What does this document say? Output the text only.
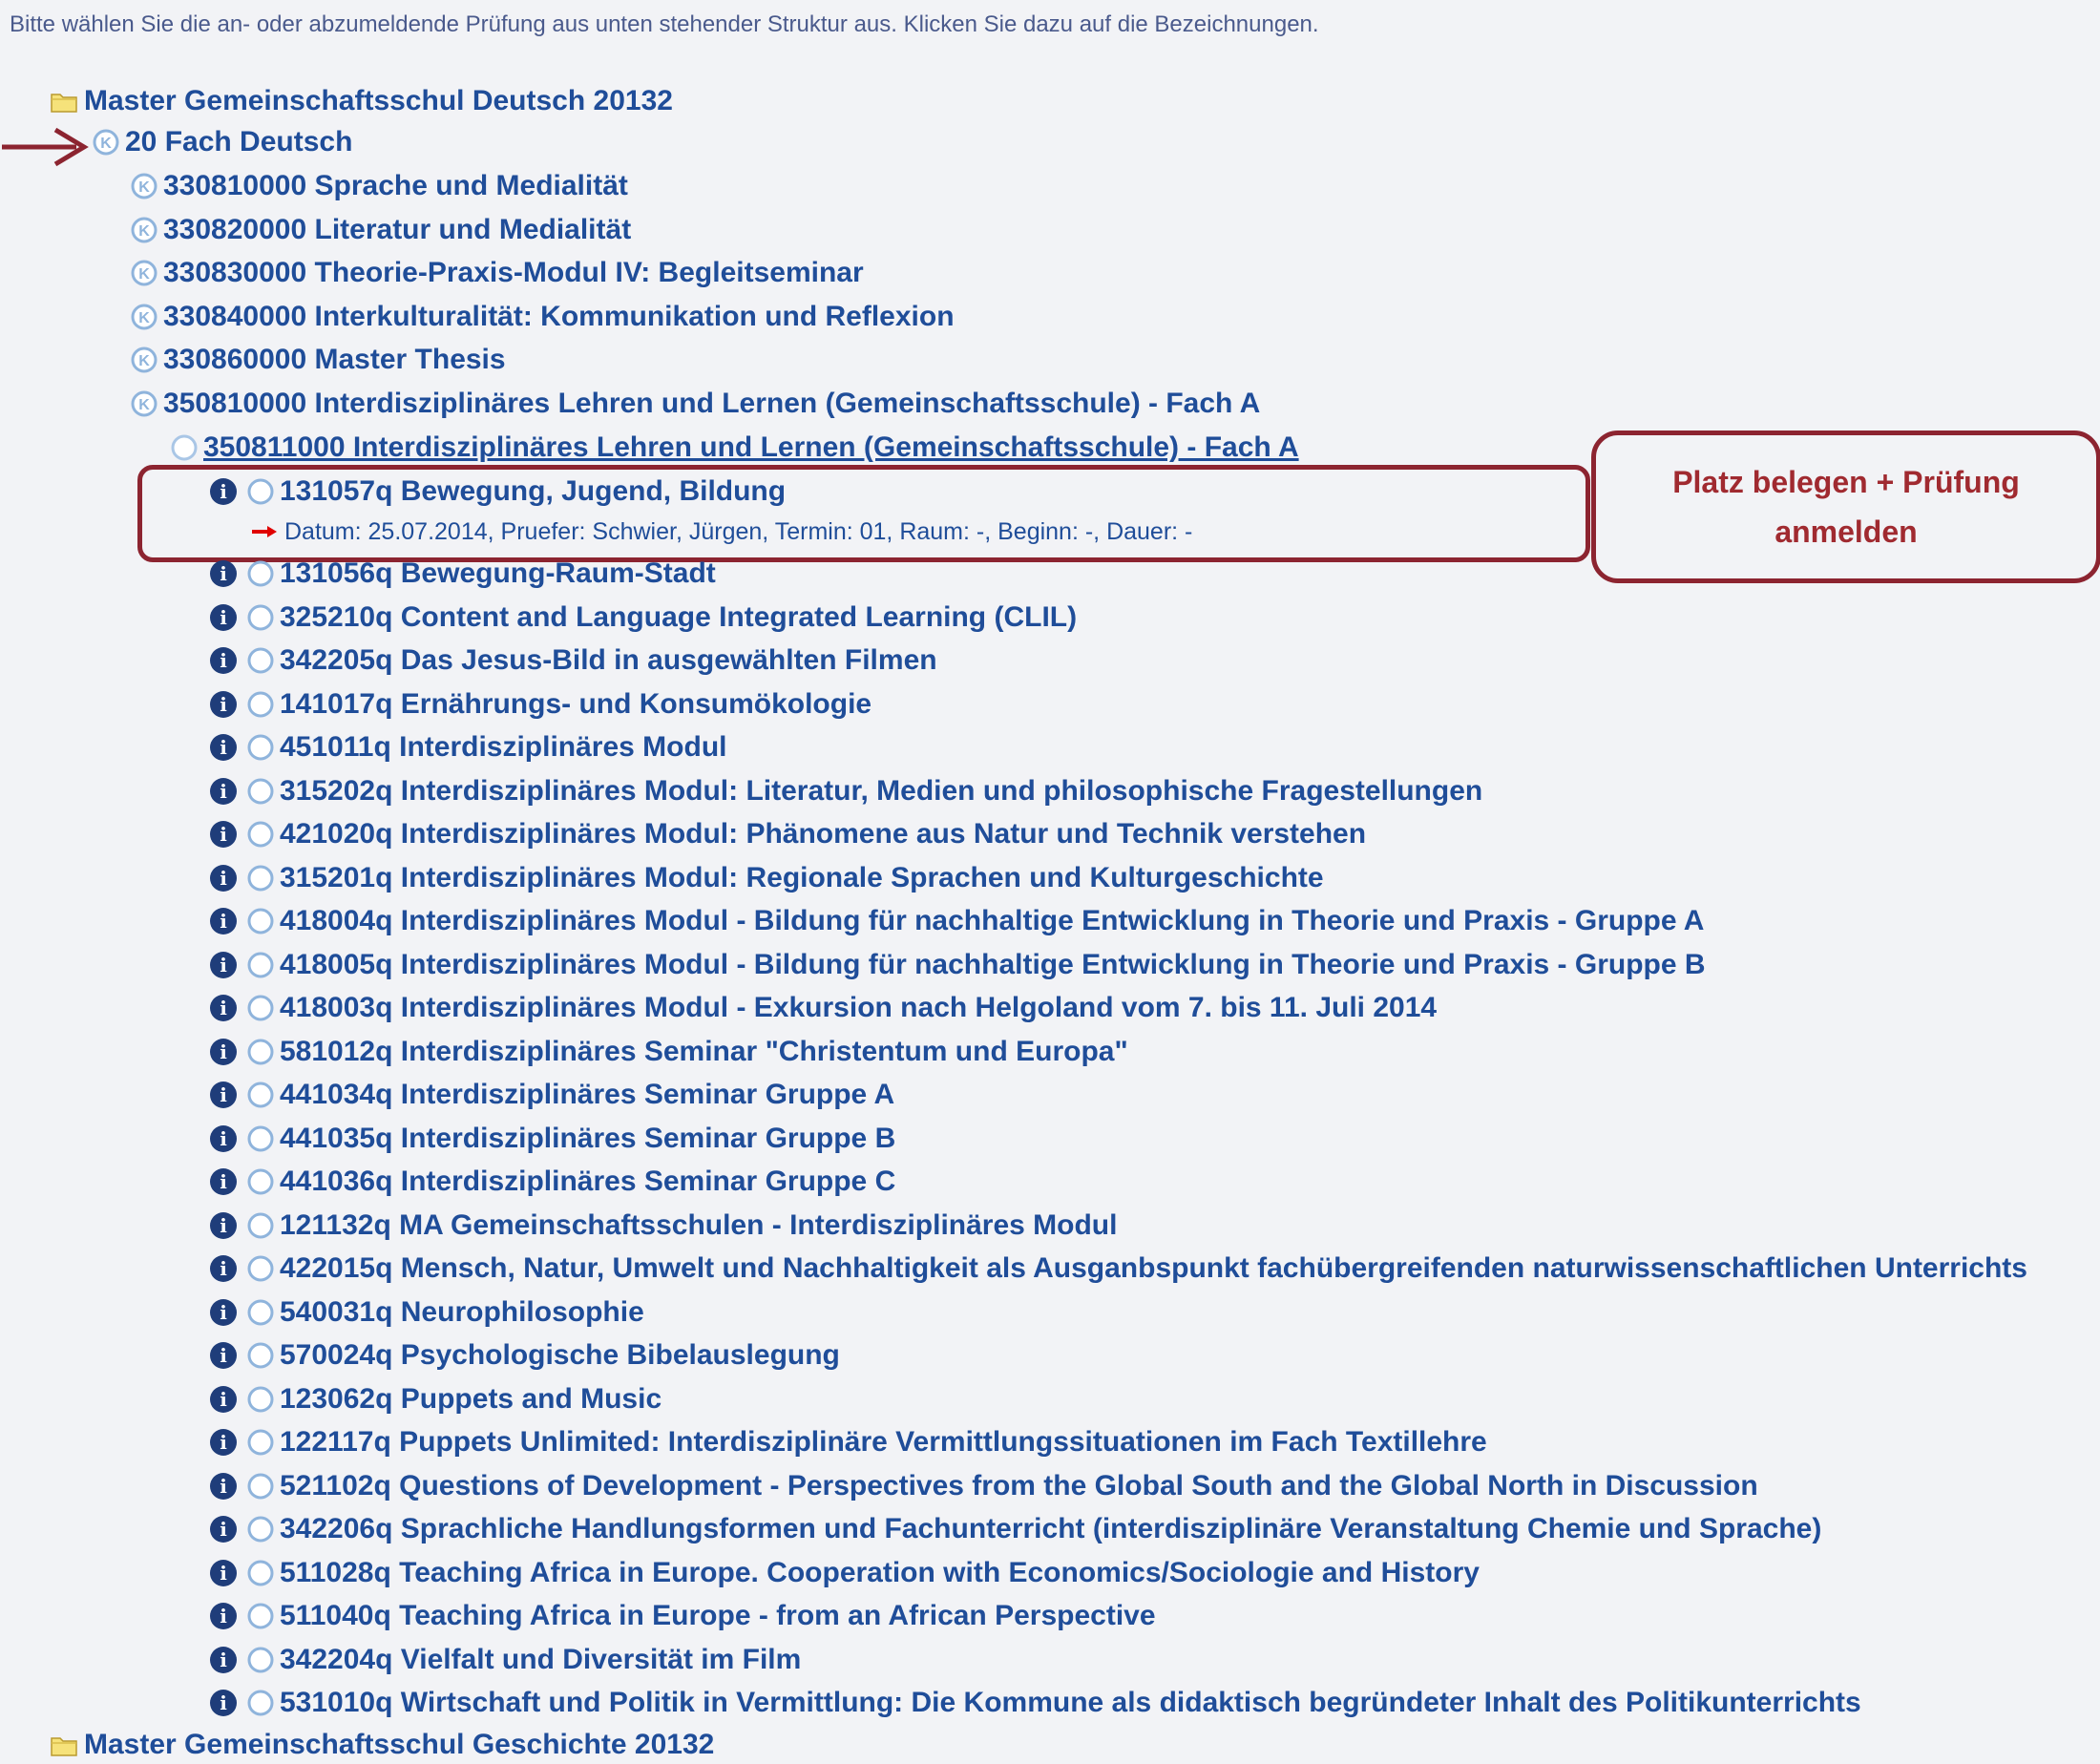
Bitte wählen Sie die an- oder abzumeldende Prüfung aus unten stehender Struktur aus. Klicken Sie dazu auf die Bezeichnungen.
Master Gemeinschaftsschul Deutsch 20132
K 20 Fach Deutsch
K 330810000 Sprache und Medialität
K 330820000 Literatur und Medialität
K 330830000 Theorie-Praxis-Modul IV: Begleitseminar
K 330840000 Interkulturalität: Kommunikation und Reflexion
K 330860000 Master Thesis
K 350810000 Interdisziplinäres Lehren und Lernen (Gemeinschaftsschule) - Fach A
350811000 Interdisziplinäres Lehren und Lernen (Gemeinschaftsschule) - Fach A
i	131057q Bewegung, Jugend, Bildung
Datum: 25.07.2014, Pruefer: Schwier, Jürgen, Termin: 01, Raum: -, Beginn: -, Dauer: -
Platz belegen + Prüfung
anmelden
i	131056q Bewegung-Raum-Stadt
i	325210q Content and Language Integrated Learning (CLIL)
i	342205q Das Jesus-Bild in ausgewählten Filmen
i	141017q Ernährungs- und Konsumökologie
i	451011q Interdisziplinäres Modul
i	315202q Interdisziplinäres Modul: Literatur, Medien und philosophische Fragestellungen
i	421020q Interdisziplinäres Modul: Phänomene aus Natur und Technik verstehen
i	315201q Interdisziplinäres Modul: Regionale Sprachen und Kulturgeschichte
i	418004q Interdisziplinäres Modul - Bildung für nachhaltige Entwicklung in Theorie und Praxis - Gruppe A
i	418005q Interdisziplinäres Modul - Bildung für nachhaltige Entwicklung in Theorie und Praxis - Gruppe B
i	418003q Interdisziplinäres Modul - Exkursion nach Helgoland vom 7. bis 11. Juli 2014
i	581012q Interdisziplinäres Seminar "Christentum und Europa"
i	441034q Interdisziplinäres Seminar Gruppe A
i	441035q Interdisziplinäres Seminar Gruppe B
i	441036q Interdisziplinäres Seminar Gruppe C
i	121132q MA Gemeinschaftsschulen - Interdisziplinäres Modul
i	422015q Mensch, Natur, Umwelt und Nachhaltigkeit als Ausganbspunkt fachübergreifenden naturwissenschaftlichen Unterrichts
i	540031q Neurophilosophie
i	570024q Psychologische Bibelauslegung
i	123062q Puppets and Music
i	122117q Puppets Unlimited: Interdisziplinäre Vermittlungssituationen im Fach Textillehre
i	521102q Questions of Development - Perspectives from the Global South and the Global North in Discussion
i	342206q Sprachliche Handlungsformen und Fachunterricht (interdisziplinäre Veranstaltung Chemie und Sprache)
i	511028q Teaching Africa in Europe. Cooperation with Economics/Sociologie and History
i	511040q Teaching Africa in Europe - from an African Perspective
i	342204q Vielfalt und Diversität im Film
i	531010q Wirtschaft und Politik in Vermittlung: Die Kommune als didaktisch begründeter Inhalt des Politikunterrichts
Master Gemeinschaftsschul Geschichte 20132
